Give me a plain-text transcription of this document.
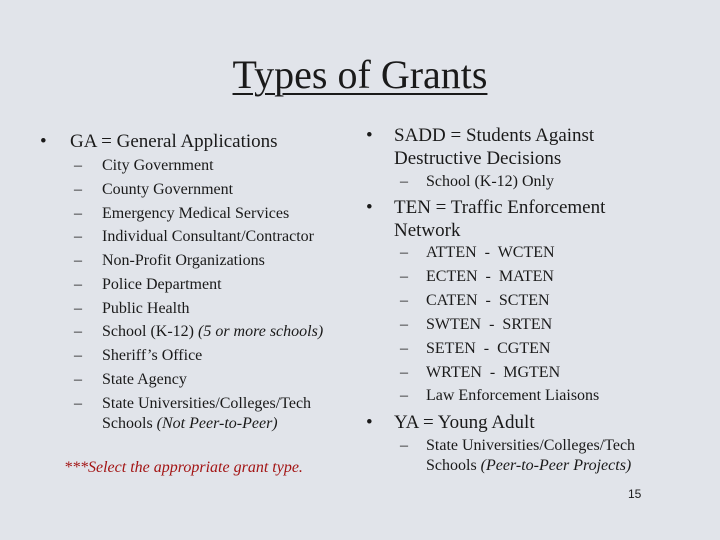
Types of Grants
• GA = General Applications
– City Government
– County Government
– Emergency Medical Services
– Individual Consultant/Contractor
– Non-Profit Organizations
– Police Department
– Public Health
– School (K-12) (5 or more schools)
– Sheriff’s Office
– State Agency
– State Universities/Colleges/Tech
Schools (Not Peer-to-Peer)
***Select the appropriate grant type.
• SADD = Students Against
Destructive Decisions
– School (K-12) Only
• TEN = Traffic Enforcement
Network
– ATTEN  -  WCTEN
– ECTEN  -  MATEN
– CATEN  -  SCTEN
– SWTEN  -  SRTEN
– SETEN  -  CGTEN
– WRTEN  -  MGTEN
– Law Enforcement Liaisons
• YA = Young Adult
– State Universities/Colleges/Tech
Schools (Peer-to-Peer Projects)
15
